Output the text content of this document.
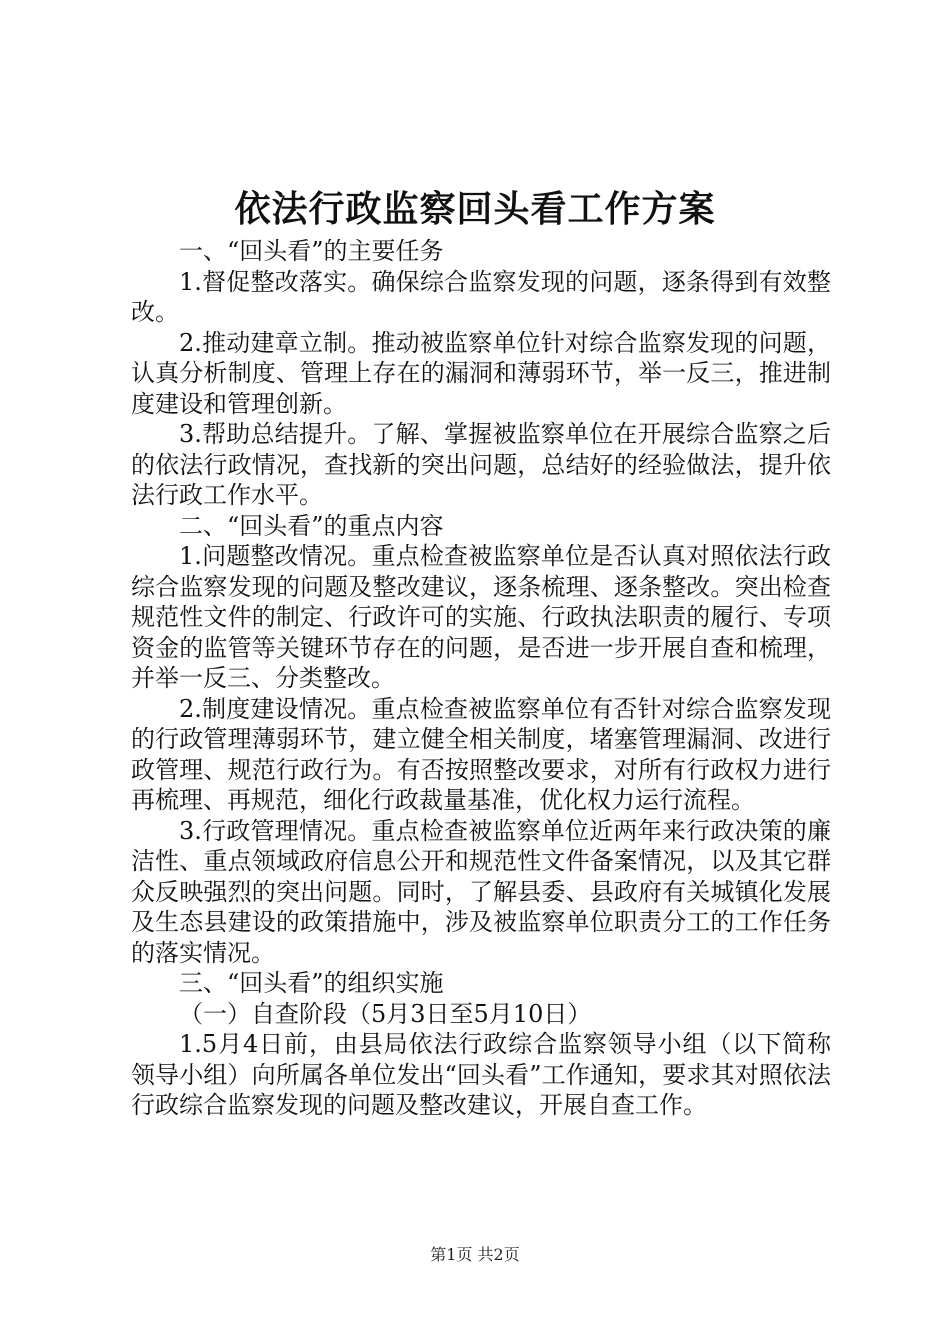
依法行政监察回头看工作方案

一、“回头看”的主要任务

1.督促整改落实。确保综合监察发现的问题，逐条得到有效整改。

2.推动建章立制。推动被监察单位针对综合监察发现的问题，认真分析制度、管理上存在的漏洞和薄弱环节，举一反三，推进制度建设和管理创新。

3.帮助总结提升。了解、掌握被监察单位在开展综合监察之后的依法行政情况，查找新的突出问题，总结好的经验做法，提升依法行政工作水平。

二、“回头看”的重点内容

1.问题整改情况。重点检查被监察单位是否认真对照依法行政综合监察发现的问题及整改建议，逐条梳理、逐条整改。突出检查规范性文件的制定、行政许可的实施、行政执法职责的履行、专项资金的监管等关键环节存在的问题，是否进一步开展自查和梳理，并举一反三、分类整改。

2.制度建设情况。重点检查被监察单位有否针对综合监察发现的行政管理薄弱环节，建立健全相关制度，堵塞管理漏洞、改进行政管理、规范行政行为。有否按照整改要求，对所有行政权力进行再梳理、再规范，细化行政裁量基准，优化权力运行流程。

3.行政管理情况。重点检查被监察单位近两年来行政决策的廉洁性、重点领域政府信息公开和规范性文件备案情况，以及其它群众反映强烈的突出问题。同时，了解县委、县政府有关城镇化发展及生态县建设的政策措施中，涉及被监察单位职责分工的工作任务的落实情况。

三、“回头看”的组织实施

（一）自查阶段（5月3日至5月10日）

1.5月4日前，由县局依法行政综合监察领导小组（以下简称领导小组）向所属各单位发出“回头看”工作通知，要求其对照依法行政综合监察发现的问题及整改建议，开展自查工作。

第1页 共2页
